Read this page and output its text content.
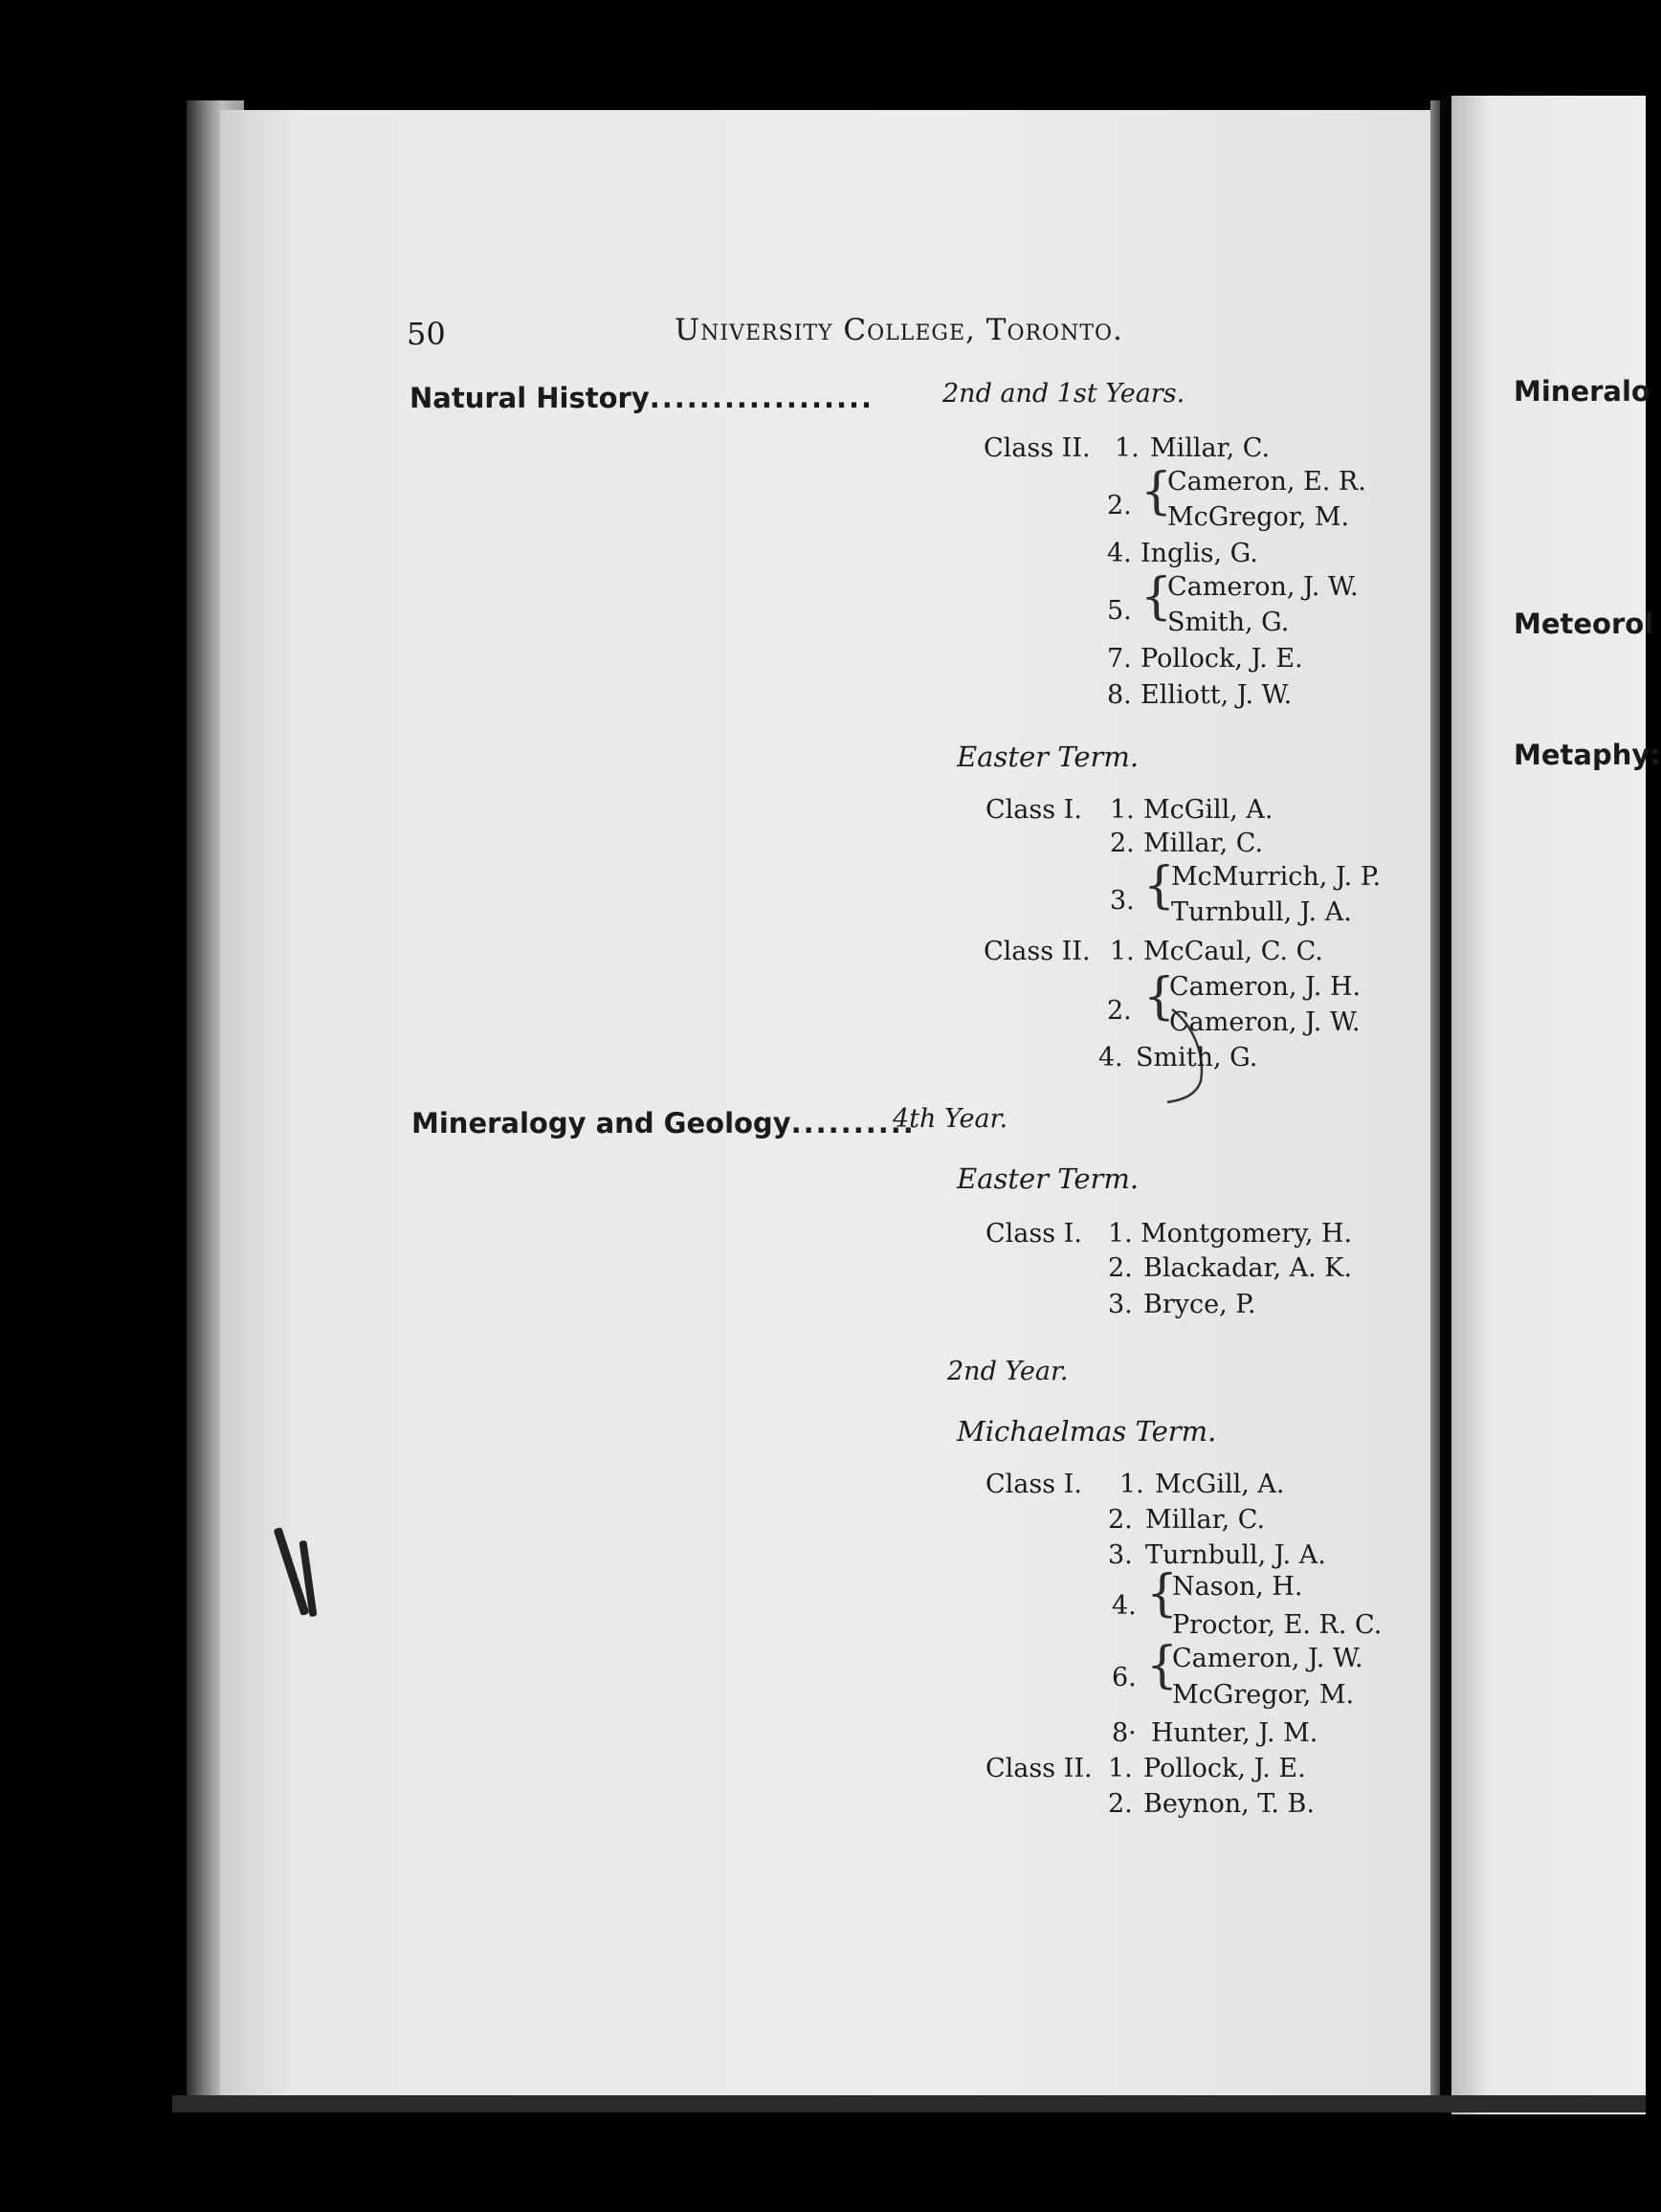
50	University College, Toronto.
Natural History..................	2nd and 1st Years.
Class II. 1. Millar, C.
2. {
Cameron, E. R.
McGregor, M.
4. Inglis, G.
5. {
Cameron, J. W.
Smith, G.
7. Pollock, J. E.
8. Elliott, J. W.
Easter Term.
Class I. 1. McGill, A.
2. Millar, C.
3. {
McMurrich, J. P.
Turnbull, J. A.
Class II. 1. McCaul, C. C.
2. {
Cameron, J. H.
Cameron, J. W.
4. Smith, G.
Mineralogy and Geology..........
4th Year.
Easter Term.
Class I. 1. Montgomery, H.
2. Blackadar, A. K.
3. Bryce, P.
2nd Year.
Michaelmas Term.
Class I. 1. McGill, A.
2. Millar, C.
3. Turnbull, J. A.
4. {
Nason, H.
Proctor, E. R. C.
6. {
Cameron, J. W.
McGregor, M.
8· Hunter, J. M.
Class II. 1. Pollock, J. E.
2. Beynon, T. B.
Mineralo
Meteorol
Metaphy:
